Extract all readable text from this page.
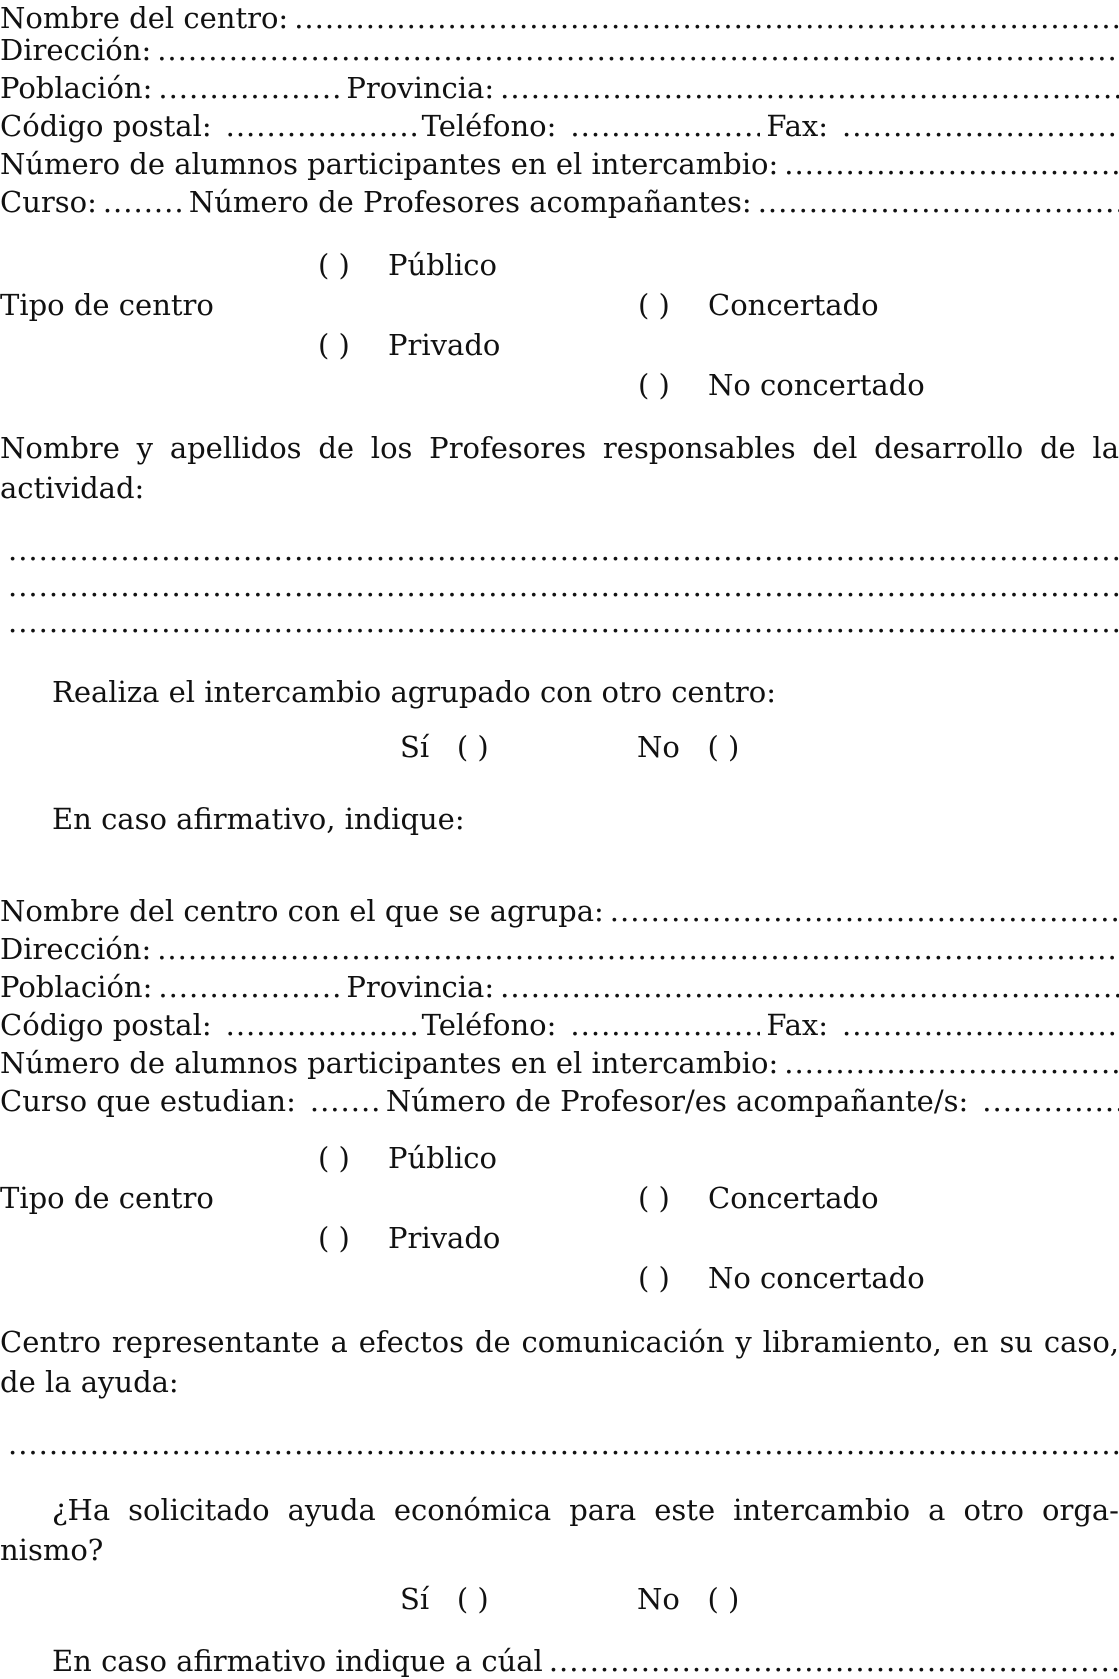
Nombre del centro:
.....
Dirección:
.....
Población: .....	Provincia:
.....
Código postal: .....	Teléfono: .....	Fax:
.....
Número de alumnos participantes en el intercambio:
.....
Curso: .....	Número de Profesores acompañantes:
.....
( ) Público
Tipo de centro	( ) Concertado
( ) Privado
( ) No concertado
Nombre y apellidos de los Profesores responsables del desarrollo de la actividad:
.....
.....
.....
Realiza el intercambio agrupado con otro centro:
Sí ( )	No ( )
En caso afirmativo, indique:
Nombre del centro con el que se agrupa:
.....
Dirección:
.....
Población: .....	Provincia:
.....
Código postal: .....	Teléfono: .....	Fax:
.....
Número de alumnos participantes en el intercambio:
.....
Curso que estudian: .....	Número de Profesor/es acompañante/s:
.....
( ) Público
Tipo de centro	( ) Concertado
( ) Privado
( ) No concertado
Centro representante a efectos de comunicación y libramiento, en su caso, de la ayuda:
.....
¿Ha solicitado ayuda económica para este intercambio a otro orga-nismo?
Sí ( )	No ( )
En caso afirmativo indique a cúal
.....
